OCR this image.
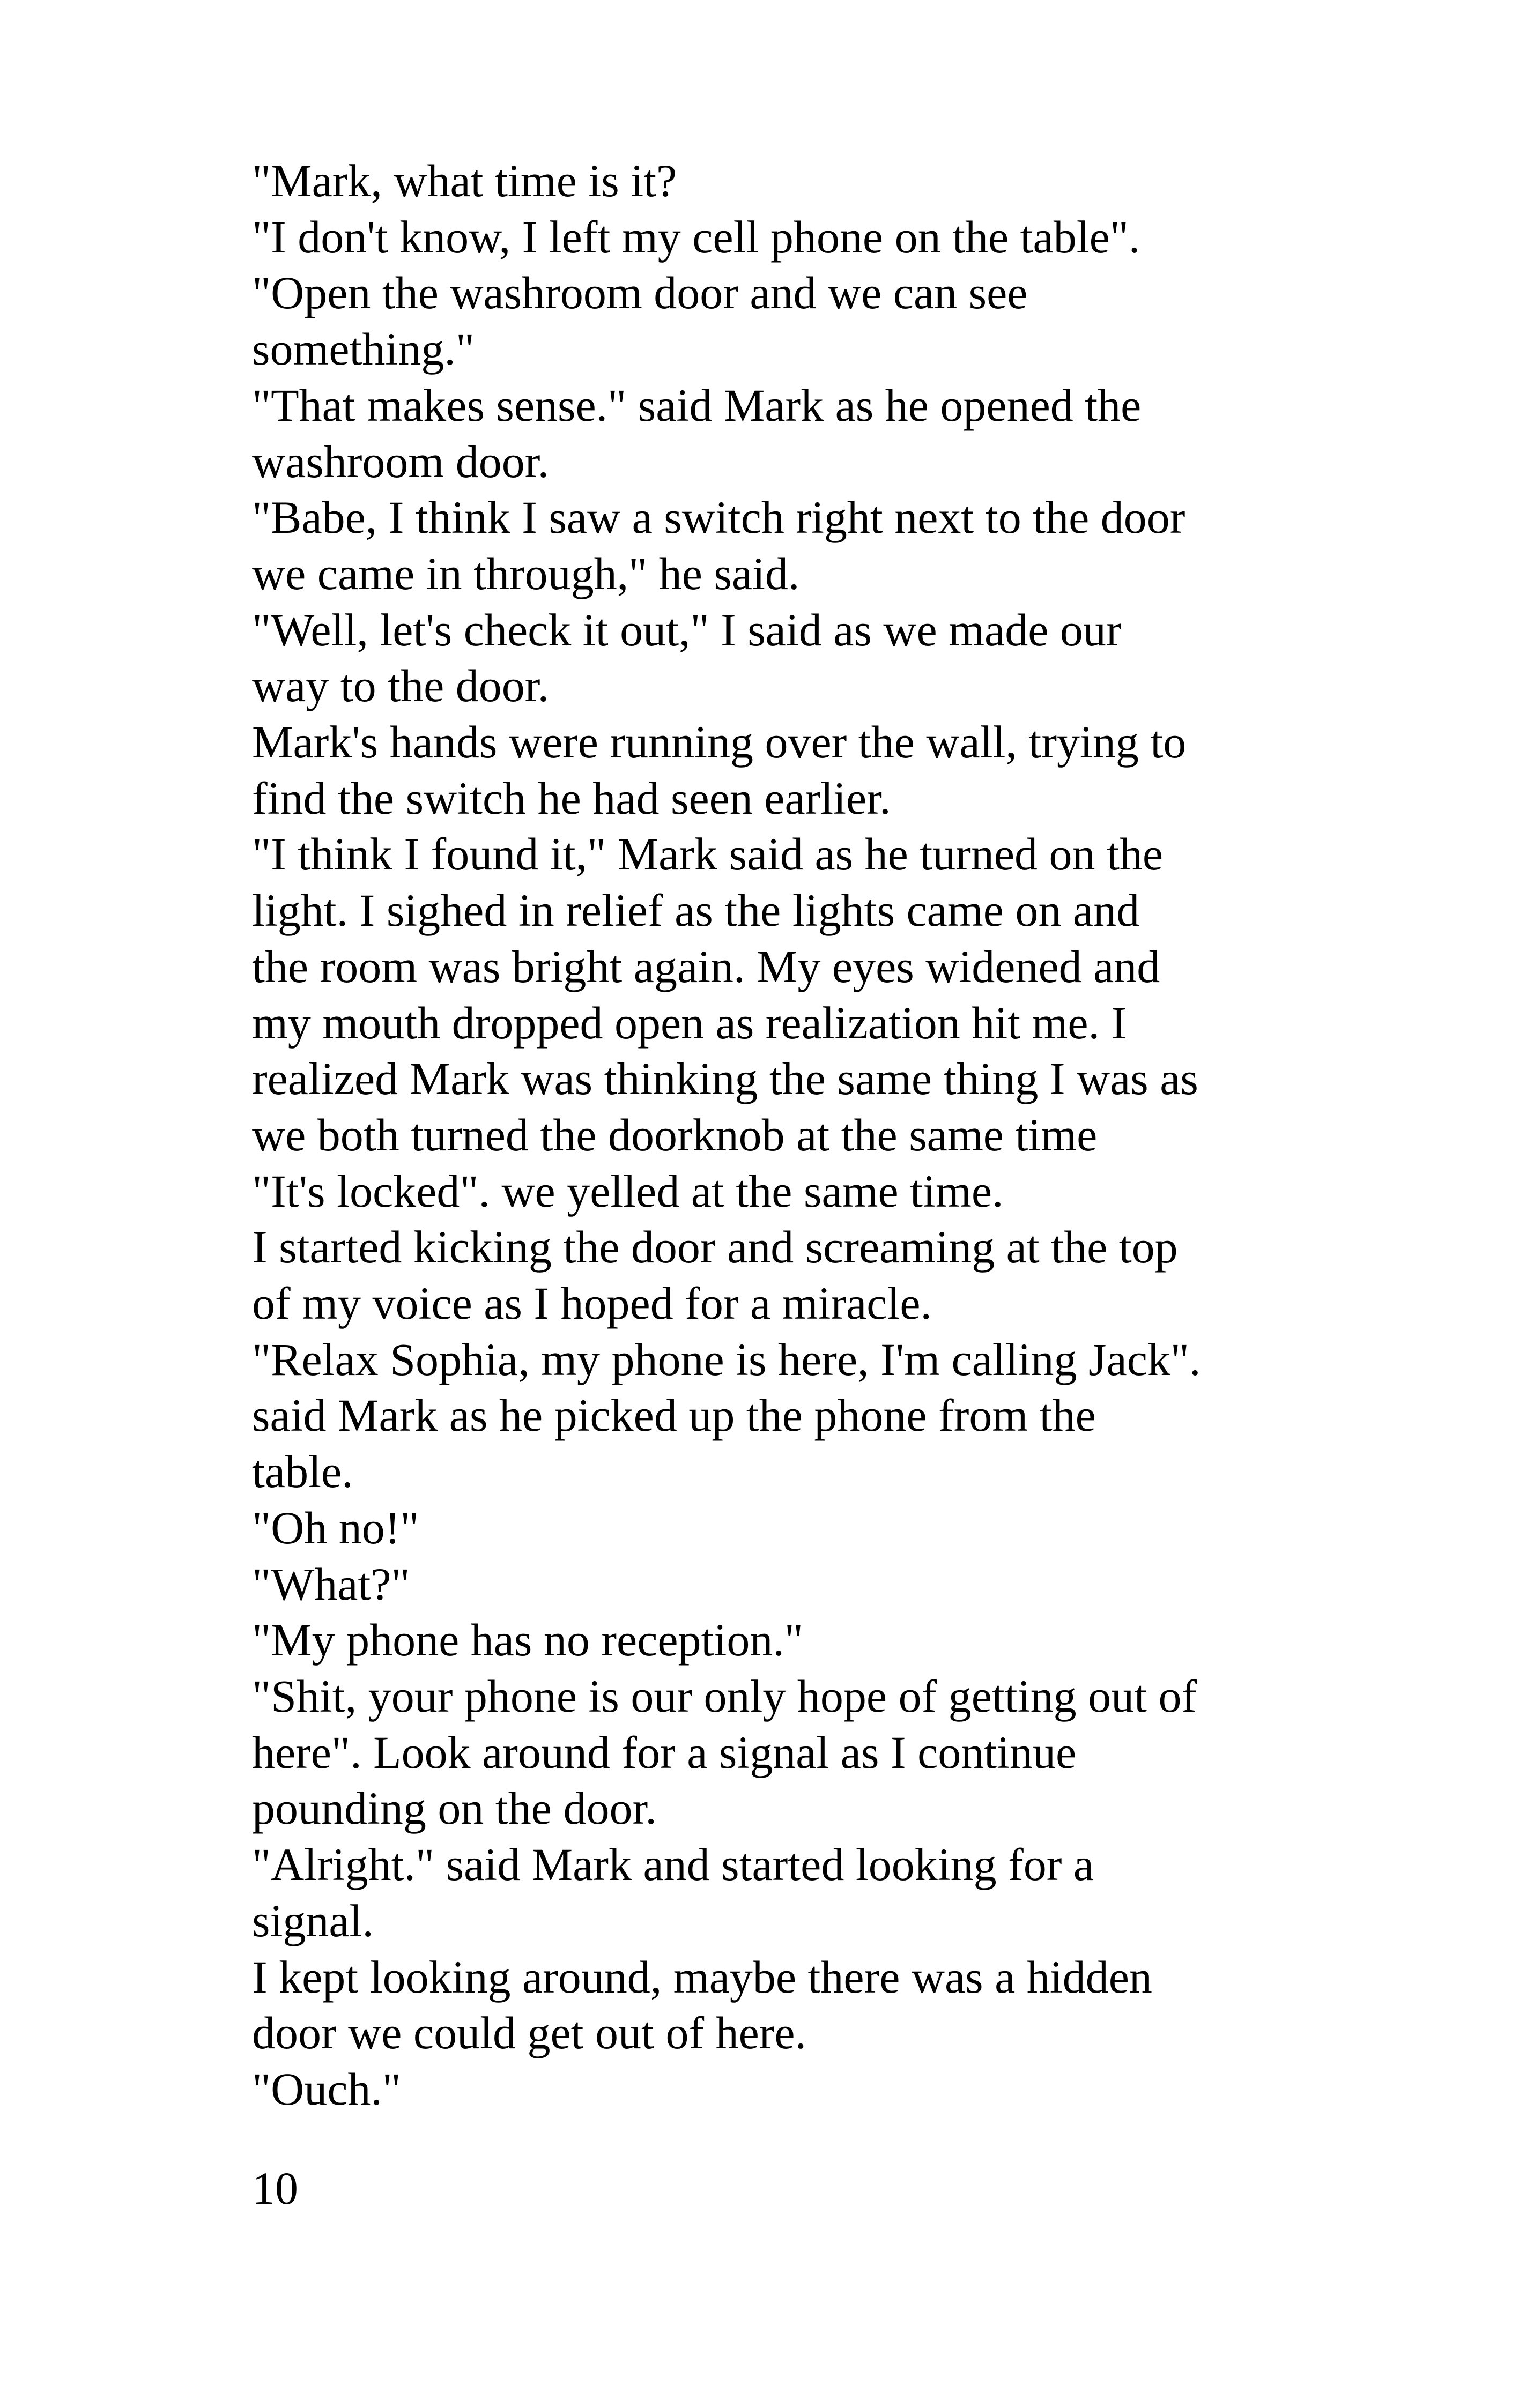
"Mark, what time is it?
"I don't know, I left my cell phone on the table".
"Open the washroom door and we can see
something."
"That makes sense." said Mark as he opened the
washroom door.
"Babe, I think I saw a switch right next to the door
we came in through," he said.
"Well, let's check it out," I said as we made our
way to the door.
Mark's hands were running over the wall, trying to
find the switch he had seen earlier.
"I think I found it," Mark said as he turned on the
light. I sighed in relief as the lights came on and
the room was bright again. My eyes widened and
my mouth dropped open as realization hit me. I
realized Mark was thinking the same thing I was as
we both turned the doorknob at the same time
"It's locked". we yelled at the same time.
I started kicking the door and screaming at the top
of my voice as I hoped for a miracle.
"Relax Sophia, my phone is here, I'm calling Jack".
said Mark as he picked up the phone from the
table.
"Oh no!"
"What?"
"My phone has no reception."
"Shit, your phone is our only hope of getting out of
here". Look around for a signal as I continue
pounding on the door.
"Alright." said Mark and started looking for a
signal.
I kept looking around, maybe there was a hidden
door we could get out of here.
"Ouch."
10
